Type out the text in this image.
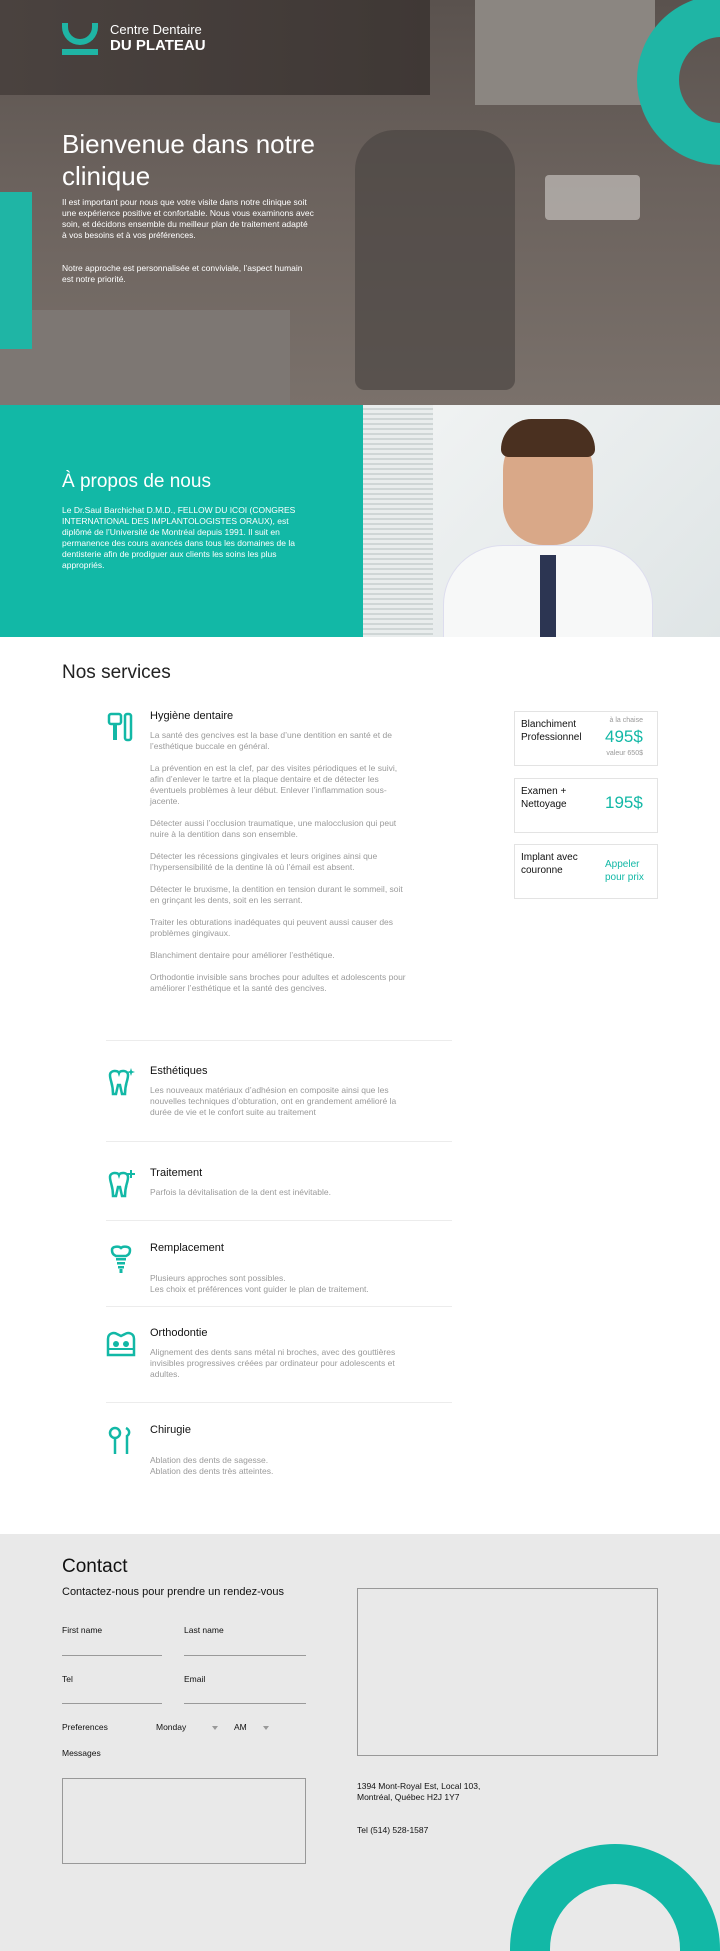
Centre Dentaire
DU PLATEAU
Bienvenue dans notre clinique

Il est important pour nous que votre visite dans notre clinique soit une expérience positive et confortable. Nous vous examinons avec soin, et décidons ensemble du meilleur plan de traitement adapté à vos besoins et à vos préférences.

Notre approche est personnalisée et conviviale, l’aspect humain est notre priorité.

À propos de nous

Le Dr.Saul Barchichat D.M.D., FELLOW DU ICOI (CONGRES INTERNATIONAL DES IMPLANTOLOGISTES ORAUX), est diplômé de l’Université de Montréal depuis 1991. Il suit en permanence des cours avancés dans tous les domaines de la dentisterie afin de prodiguer aux clients les soins les plus appropriés.

Nos services
Hygiène dentaire

La santé des gencives est la base d’une dentition en santé et de l’esthétique buccale en général.

La prévention en est la clef, par des visites périodiques et le suivi, afin d’enlever le tartre et la plaque dentaire et de détecter les éventuels problèmes à leur début. Enlever l’inflammation sous-jacente.

Détecter aussi l’occlusion traumatique, une malocclusion qui peut nuire à la dentition dans son ensemble.

Détecter les récessions gingivales et leurs origines ainsi que l’hypersensibilité de la dentine là où l’émail est absent.

Détecter le bruxisme, la dentition en tension durant le sommeil, soit en grinçant les dents, soit en les serrant.

Traiter les obturations inadéquates qui peuvent aussi causer des problèmes gingivaux.

Blanchiment dentaire pour améliorer l’esthétique.

Orthodontie invisible sans broches pour adultes et adolescents pour améliorer l’esthétique et la santé des gencives.

Esthétiques

Les nouveaux matériaux d’adhésion en composite ainsi que les nouvelles techniques d’obturation, ont en grandement amélioré la durée de vie et le confort suite au traitement

Traitement

Parfois la dévitalisation de la dent est inévitable.

Remplacement

Plusieurs approches sont possibles.
Les choix et préférences vont guider le plan de traitement.

Orthodontie

Alignement des dents sans métal ni broches, avec des gouttières invisibles progressives créées par ordinateur pour adolescents et adultes.

Chirugie

Ablation des dents de sagesse.
Ablation des dents très atteintes.

Blanchiment Professionnel
à la chaise
495$
valeur 650$
Examen + Nettoyage	195$
Implant avec couronne
Appeler pour prix
Contact
Contactez-nous pour prendre un rendez-vous
First name	Last name
Tel	Email
Preferences	Monday	AM
Messages
1394 Mont-Royal Est, Local 103, Montréal, Québec H2J 1Y7
Tel (514) 528-1587
